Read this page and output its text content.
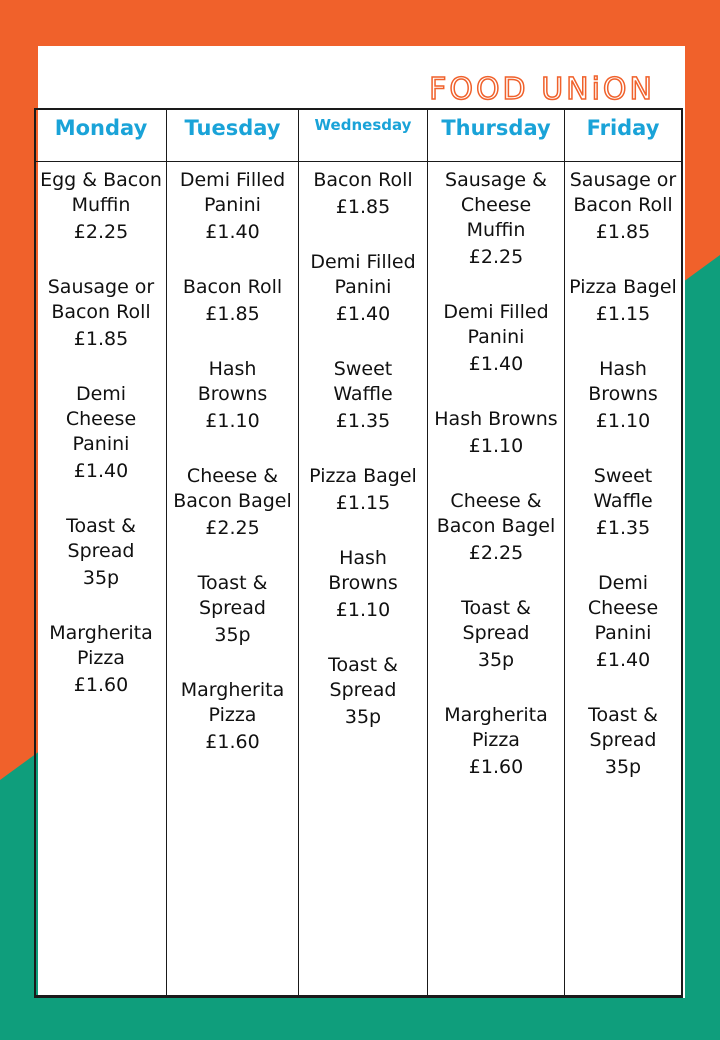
FOOD UNiON
Monday
Egg & Bacon Muffin
£2.25
Sausage or Bacon Roll
£1.85
Demi Cheese Panini
£1.40
Toast & Spread
35p
Margherita Pizza
£1.60
Tuesday
Demi Filled Panini
£1.40
Bacon Roll
£1.85
Hash Browns
£1.10
Cheese & Bacon Bagel
£2.25
Toast & Spread
35p
Margherita Pizza
£1.60
Wednesday
Bacon Roll
£1.85
Demi Filled Panini
£1.40
Sweet Waffle
£1.35
Pizza Bagel
£1.15
Hash Browns
£1.10
Toast & Spread
35p
Thursday
Sausage & Cheese Muffin
£2.25
Demi Filled Panini
£1.40
Hash Browns
£1.10
Cheese & Bacon Bagel
£2.25
Toast & Spread
35p
Margherita Pizza
£1.60
Friday
Sausage or Bacon Roll
£1.85
Pizza Bagel
£1.15
Hash Browns
£1.10
Sweet Waffle
£1.35
Demi Cheese Panini
£1.40
Toast & Spread
35p
